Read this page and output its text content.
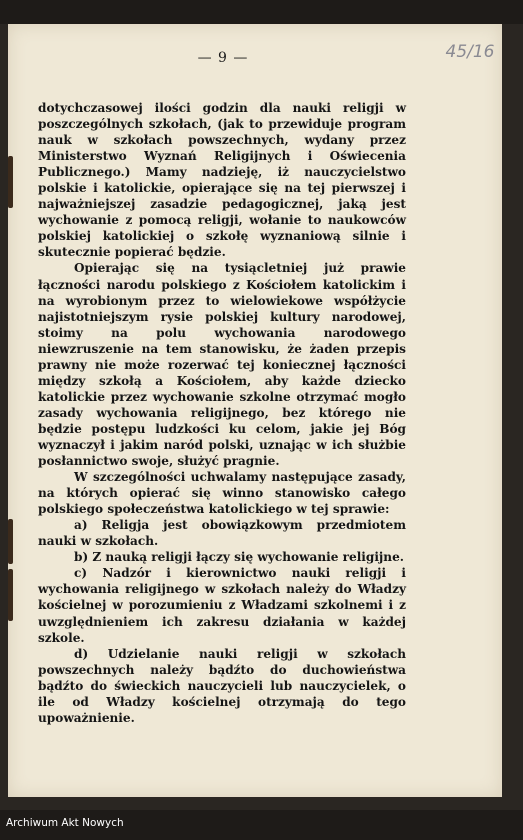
— 9 —	45/16

dotychczasowej ilości godzin dla nauki religji w poszczególnych szkołach, (jak to przewiduje program nauk w szkołach powszechnych, wydany przez Ministerstwo Wyznań Religijnych i Oświecenia Publicznego.) Mamy nadzieję, iż nauczycielstwo polskie i katolickie, opierające się na tej pierwszej i najważniejszej zasadzie pedagogicznej, jaką jest wychowanie z pomocą religji, wołanie to naukowców polskiej katolickiej o szkołę wyznaniową silnie i skutecznie popierać będzie.

Opierając się na tysiącletniej już prawie łączności narodu polskiego z Kościołem katolickim i na wyrobionym przez to wielowiekowe współżycie najistotniejszym rysie polskiej kultury narodowej, stoimy na polu wychowania narodowego niewzruszenie na tem stanowisku, że żaden przepis prawny nie może rozerwać tej koniecznej łączności między szkołą a Kościołem, aby każde dziecko katolickie przez wychowanie szkolne otrzymać mogło zasady wychowania religijnego, bez którego nie będzie postępu ludzkości ku celom, jakie jej Bóg wyznaczył i jakim naród polski, uznając w ich służbie posłannictwo swoje, służyć pragnie.

W szczególności uchwalamy następujące zasady, na których opierać się winno stanowisko całego polskiego społeczeństwa katolickiego w tej sprawie:

a) Religja jest obowiązkowym przedmiotem nauki w szkołach.

b) Z nauką religji łączy się wychowanie religijne.

c) Nadzór i kierownictwo nauki religji i wychowania religijnego w szkołach należy do Władzy kościelnej w porozumieniu z Władzami szkolnemi i z uwzględnieniem ich zakresu działania w każdej szkole.

d) Udzielanie nauki religji w szkołach powszechnych należy bądźto do duchowieństwa bądźto do świeckich nauczycieli lub nauczycielek, o ile od Władzy kościelnej otrzymają do tego upoważnienie.

Archiwum Akt Nowych
